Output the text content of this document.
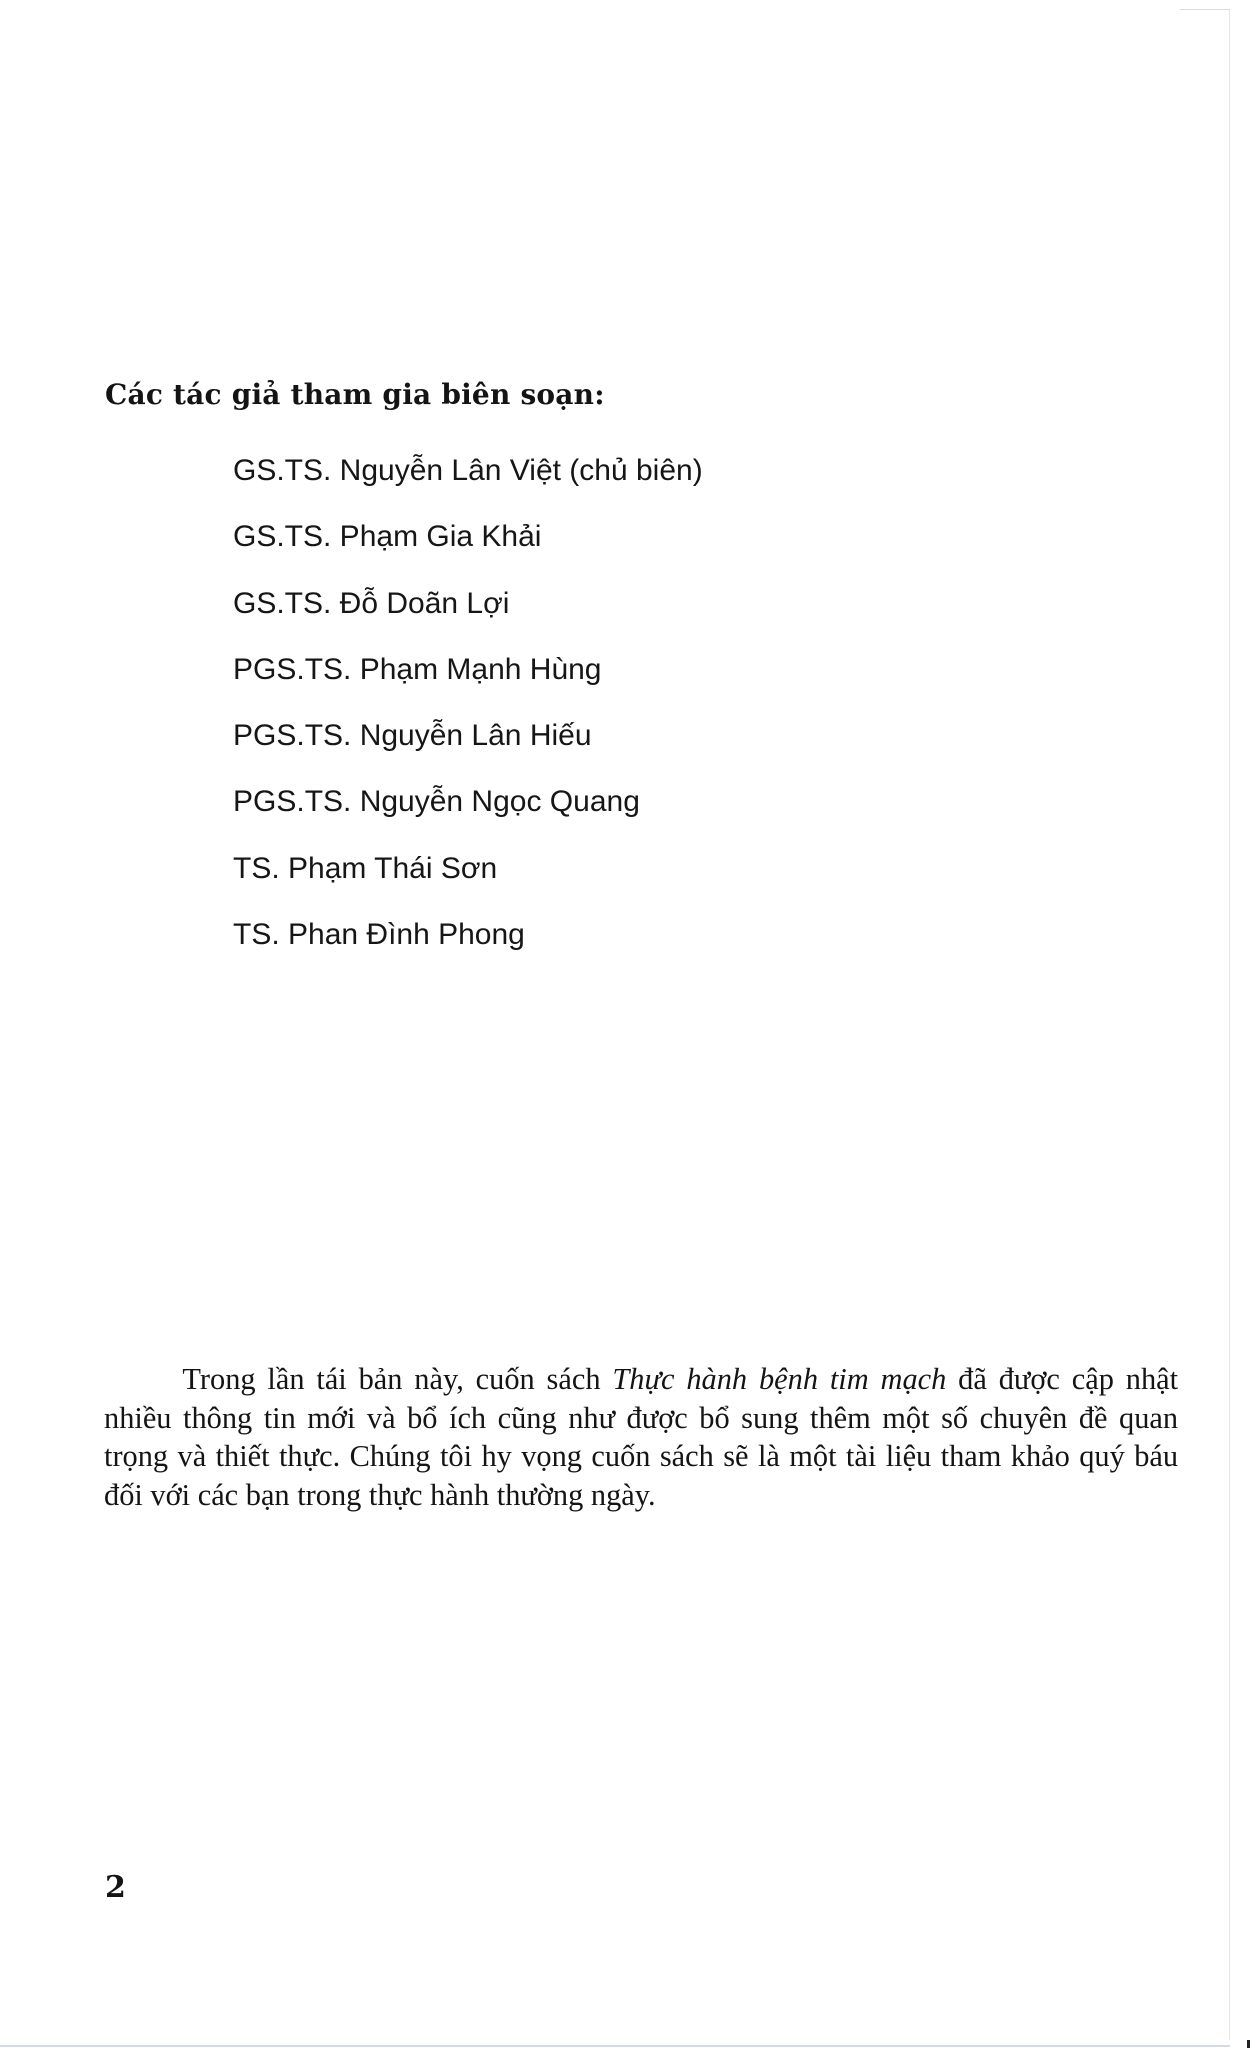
Các tác giả tham gia biên soạn:
GS.TS. Nguyễn Lân Việt (chủ biên)
GS.TS. Phạm Gia Khải
GS.TS. Đỗ Doãn Lợi
PGS.TS. Phạm Mạnh Hùng
PGS.TS. Nguyễn Lân Hiếu
PGS.TS. Nguyễn Ngọc Quang
TS. Phạm Thái Sơn
TS. Phan Đình Phong

Trong lần tái bản này, cuốn sách Thực hành bệnh tim mạch đã được cập nhật nhiều thông tin mới và bổ ích cũng như được bổ sung thêm một số chuyên đề quan trọng và thiết thực. Chúng tôi hy vọng cuốn sách sẽ là một tài liệu tham khảo quý báu đối với các bạn trong thực hành thường ngày.

2
